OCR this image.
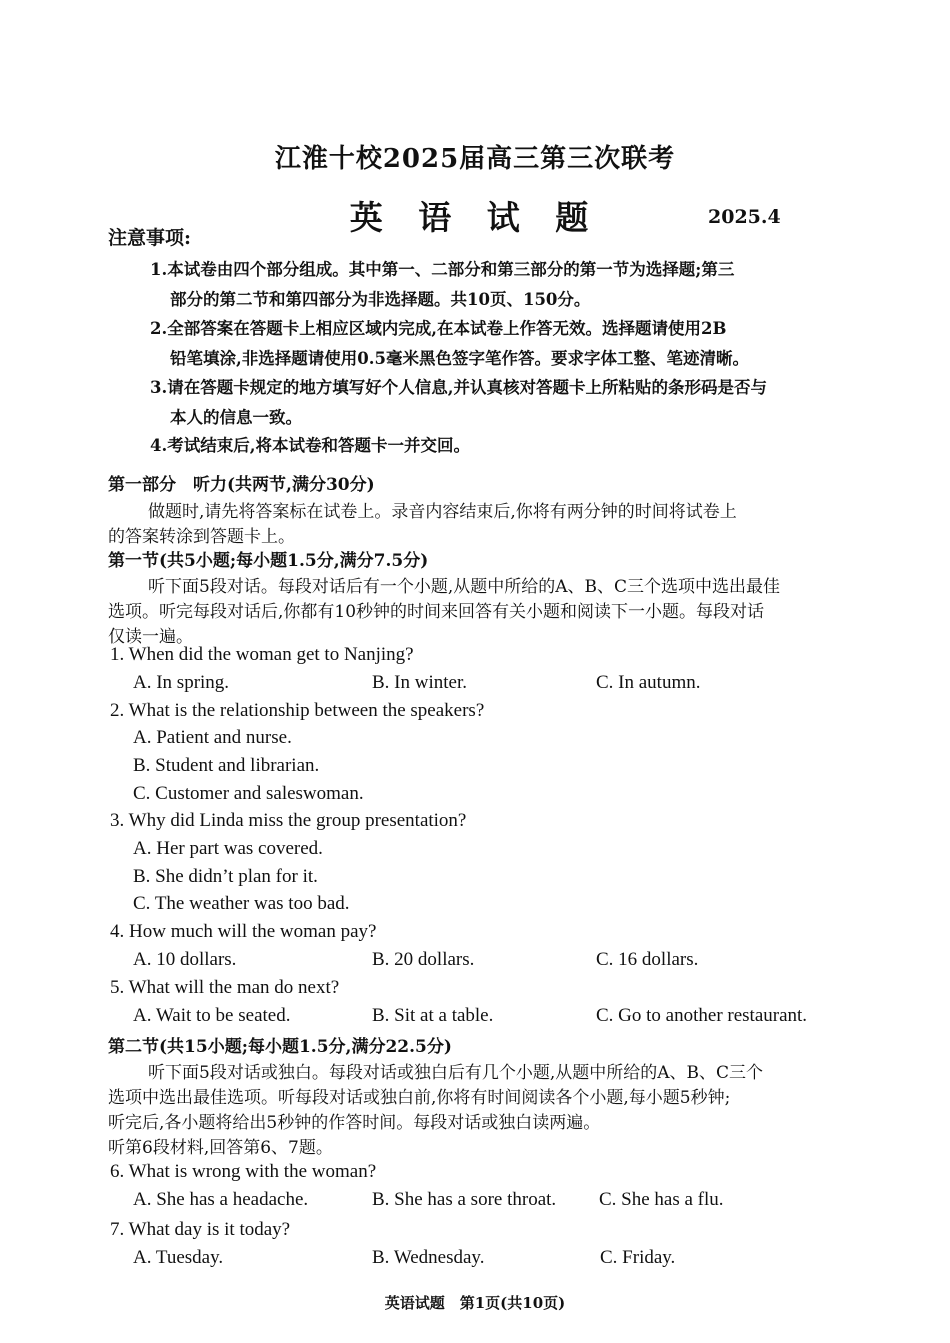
江淮十校2025届高三第三次联考
英 语 试 题	2025.4
注意事项:
1.本试卷由四个部分组成。其中第一、二部分和第三部分的第一节为选择题;第三
部分的第二节和第四部分为非选择题。共10页、150分。
2.全部答案在答题卡上相应区域内完成,在本试卷上作答无效。选择题请使用2B
铅笔填涂,非选择题请使用0.5毫米黑色签字笔作答。要求字体工整、笔迹清晰。
3.请在答题卡规定的地方填写好个人信息,并认真核对答题卡上所粘贴的条形码是否与
本人的信息一致。
4.考试结束后,将本试卷和答题卡一并交回。
第一部分　听力(共两节,满分30分)
做题时,请先将答案标在试卷上。录音内容结束后,你将有两分钟的时间将试卷上
的答案转涂到答题卡上。
第一节(共5小题;每小题1.5分,满分7.5分)
听下面5段对话。每段对话后有一个小题,从题中所给的A、B、C三个选项中选出最佳
选项。听完每段对话后,你都有10秒钟的时间来回答有关小题和阅读下一小题。每段对话
仅读一遍。
1. When did the woman get to Nanjing?
A. In spring.	B. In winter.	C. In autumn.
2. What is the relationship between the speakers?
A. Patient and nurse.
B. Student and librarian.
C. Customer and saleswoman.
3. Why did Linda miss the group presentation?
A. Her part was covered.
B. She didn’t plan for it.
C. The weather was too bad.
4. How much will the woman pay?
A. 10 dollars.	B. 20 dollars.	C. 16 dollars.
5. What will the man do next?
A. Wait to be seated.	B. Sit at a table.	C. Go to another restaurant.
第二节(共15小题;每小题1.5分,满分22.5分)
听下面5段对话或独白。每段对话或独白后有几个小题,从题中所给的A、B、C三个
选项中选出最佳选项。听每段对话或独白前,你将有时间阅读各个小题,每小题5秒钟;
听完后,各小题将给出5秒钟的作答时间。每段对话或独白读两遍。
听第6段材料,回答第6、7题。
6. What is wrong with the woman?
A. She has a headache.	B. She has a sore throat. C. She has a flu.
7. What day is it today?
A. Tuesday.	B. Wednesday.	C. Friday.
英语试题　第1页(共10页)
